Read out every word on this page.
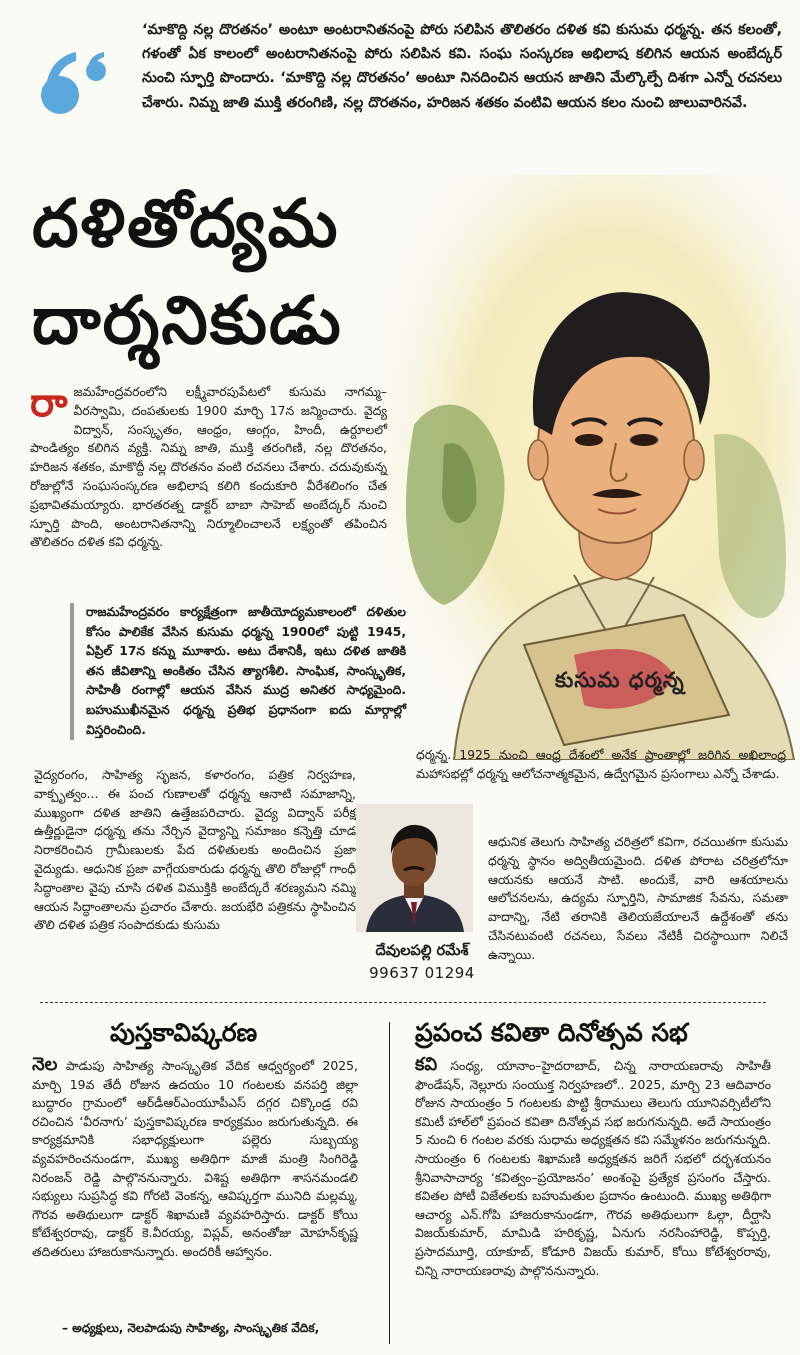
‘మాకొద్ది నల్ల దొరతనం’ అంటూ అంటరానితనంపై పోరు సలిపిన తొలితరం దళిత కవి కుసుమ ధర్మన్న. తన కలంతో, గళంతో ఏక కాలంలో అంటరానితనంపై పోరు సలిపిన కవి. సంఘ సంస్కరణ అభిలాష కలిగిన ఆయన అంబేద్కర్ నుంచి స్ఫూర్తి పొందారు. ‘మాకొద్ది నల్ల దొరతనం’ అంటూ నినదించిన ఆయన జాతిని మేల్కొల్పే దిశగా ఎన్నో రచనలు చేశారు. నిమ్న జాతి ముక్తి తరంగిణి, నల్ల దొరతనం, హరిజన శతకం వంటివి ఆయన కలం నుంచి జాలువారినవే.
దళితోద్యమ
దార్శనికుడు
కుసుమ ధర్మన్న
రాజమహేంద్రవరంలోని లక్ష్మీవారపుపేటలో కుసుమ నాగమ్మ–వీరస్వామి, దంపతులకు 1900 మార్చి 17న జన్మించారు. వైద్య విద్వాన్, సంస్కృతం, ఆంధ్రం, ఆంగ్లం, హిందీ, ఉర్దూలలో పాండిత్యం కలిగిన వ్యక్తి. నిమ్న జాతి, ముక్తి తరంగిణి, నల్ల దొరతనం, హరిజన శతకం, మాకొద్దీ నల్ల దొరతనం వంటి రచనలు చేశారు. చదువుకున్న రోజుల్లోనే సంఘసంస్కరణ అభిలాష కలిగి కందుకూరి వీరేశలింగం చేత ప్రభావితమయ్యారు. భారతరత్న డాక్టర్ బాబా సాహెబ్ అంబేద్కర్ నుంచి స్ఫూర్తి పొంది, అంటరానితనాన్ని నిర్మూలించాలనే లక్ష్యంతో తపించిన తొలితరం దళిత కవి ధర్మన్న.
రాజమహేంద్రవరం కార్యక్షేత్రంగా జాతీయోద్యమకాలంలో దళితుల కోసం పాలికేక వేసిన కుసుమ ధర్మన్న 1900లో పుట్టి 1945, ఏప్రిల్ 17న కన్ను మూశారు. అటు దేశానికీ, ఇటు దళిత జాతికి తన జీవితాన్ని అంకితం చేసిన త్యాగశీలి. సాంఘిక, సాంస్కృతిక, సాహితీ రంగాల్లో ఆయన వేసిన ముద్ర అనితర సాధ్యమైంది. బహుముఖీనమైన ధర్మన్న ప్రతిభ ప్రధానంగా ఐదు మార్గాల్లో విస్తరించింది.
వైద్యరంగం, సాహిత్య సృజన, కళారంగం, పత్రిక నిర్వహణ, వాక్పృత్వం... ఈ పంచ గుణాలతో ధర్మన్న ఆనాటి సమాజాన్ని, ముఖ్యంగా దళిత జాతిని ఉత్తేజపరిచారు. వైద్య విద్వాన్ పరీక్ష ఉత్తీర్ణుడైనా ధర్మన్న తను నేర్చిన వైద్యాన్ని సమాజం కన్నెత్తి చూడ నిరాకరించిన గ్రామీణులకు పేద దళితులకు అందించిన ప్రజా వైద్యుడు. ఆధునిక ప్రజా వాగ్గేయకారుడు ధర్మన్న తొలి రోజుల్లో గాంధీ సిద్ధాంతాల వైపు చూసి దళిత విముక్తికి అంబేద్కరే శరణ్యమని నమ్మి ఆయన సిద్ధాంతాలను ప్రచారం చేశారు. జయభేరి పత్రికను స్థాపించిన తొలి దళిత పత్రిక సంపాదకుడు కుసుమ
ధర్మన్న. 1925 నుంచి ఆంధ్ర దేశంలో అనేక ప్రాంతాల్లో జరిగిన అఖిలాంధ్ర మహాసభల్లో ధర్మన్న ఆలోచనాత్మకమైన, ఉద్వేగమైన ప్రసంగాలు ఎన్నో చేశాడు.
ఆధునిక తెలుగు సాహిత్య చరిత్రలో కవిగా, రచయితగా కుసుమ ధర్మన్న స్థానం అద్వితీయమైంది. దళిత పోరాట చరిత్రలోనూ ఆయనకు ఆయనే సాటి. అందుకే, వారి ఆశయాలను ఆలోచనలను, ఉద్యమ స్ఫూర్తిని, సామాజిక సేవను, సమతా వాదాన్ని, నేటి తరానికి తెలియజేయాలనే ఉద్దేశంతో తను చేసినటువంటి రచనలు, సేవలు నేటికీ చిరస్థాయిగా నిలిచే ఉన్నాయి.
దేవులపల్లి రమేశ్
99637 01294
పుస్తకావిష్కరణ
నెల పాడుపు సాహిత్య సాంస్కృతిక వేదిక ఆధ్వర్యంలో 2025, మార్చి 19వ తేదీ రోజున ఉదయం 10 గంటలకు వనపర్తి జిల్లా బుద్ధారం గ్రామంలో ఆర్‌డీఆర్‌ఎంయూపీఎస్ దగ్గర చిక్కొండ్ర రవి రచించిన ‘వీరనాగు’ పుస్తకావిష్కరణ కార్యక్రమం జరుగుతున్నది. ఈ కార్యక్రమానికి సభాధ్యక్షులుగా పల్లెరు సుబ్బయ్య వ్యవహరించనుండగా, ముఖ్య అతిథిగా మాజీ మంత్రి సింగిరెడ్డి నిరంజన్ రెడ్డి పాల్గొననున్నారు. విశిష్ట అతిథిగా శాసనమండలి సభ్యులు సుప్రసిద్ధ కవి గోరటి వెంకన్న, ఆవిష్కర్తగా మునిది మల్లమ్మ, గౌరవ అతిథులుగా డాక్టర్ శిఖామణి వ్యవహరిస్తారు. డాక్టర్ కోయి కోటేశ్వరరావు, డాక్టర్ కె.వీరయ్య, విప్లవ్, అనంతోజు మోహన్‌కృష్ణ తదితరులు హాజరుకానున్నారు. అందరికీ ఆహ్వానం.
– అధ్యక్షులు, నెలపాడుపు సాహిత్య, సాంస్కృతిక వేదిక,
ప్రపంచ కవితా దినోత్సవ సభ
కవి సంధ్య, యానాం–హైదరాబాద్, చిన్న నారాయణరావు సాహితీ ఫౌండేషన్, నెల్లూరు సంయుక్త నిర్వహణలో.. 2025, మార్చి 23 ఆదివారం రోజున సాయంత్రం 5 గంటలకు పొట్టి శ్రీరాములు తెలుగు యూనివర్సిటీలోని కమిటీ హాల్‌లో ప్రపంచ కవితా దినోత్సవ సభ జరుగనున్నది. అదే సాయంత్రం 5 నుంచి 6 గంటల వరకు సుధామ అధ్యక్షతన కవి సమ్మేళనం జరుగనున్నది. సాయంత్రం 6 గంటలకు శిఖామణి అధ్యక్షతన జరిగే సభలో దర్భశయనం శ్రీనివాసాచార్య ‘కవిత్వం–ప్రయోజనం’ అంశంపై ప్రత్యేక ప్రసంగం చేస్తారు. కవితల పోటీ విజేతలకు బహుమతుల ప్రదానం ఉంటుంది. ముఖ్య అతిథిగా ఆచార్య ఎన్.గోపి హాజరుకానుండగా, గౌరవ అతిథులుగా ఓల్గా, దీర్ఘాసి విజయ్‌కుమార్, మామిడి హరికృష్ణ, ఏనుగు నరసింహారెడ్డి, కొప్పర్తి, ప్రసాదమూర్తి, యాకూబ్, కోడూరి విజయ్ కుమార్, కోయి కోటేశ్వరరావు, చిన్ని నారాయణరావు పాల్గొననున్నారు.
